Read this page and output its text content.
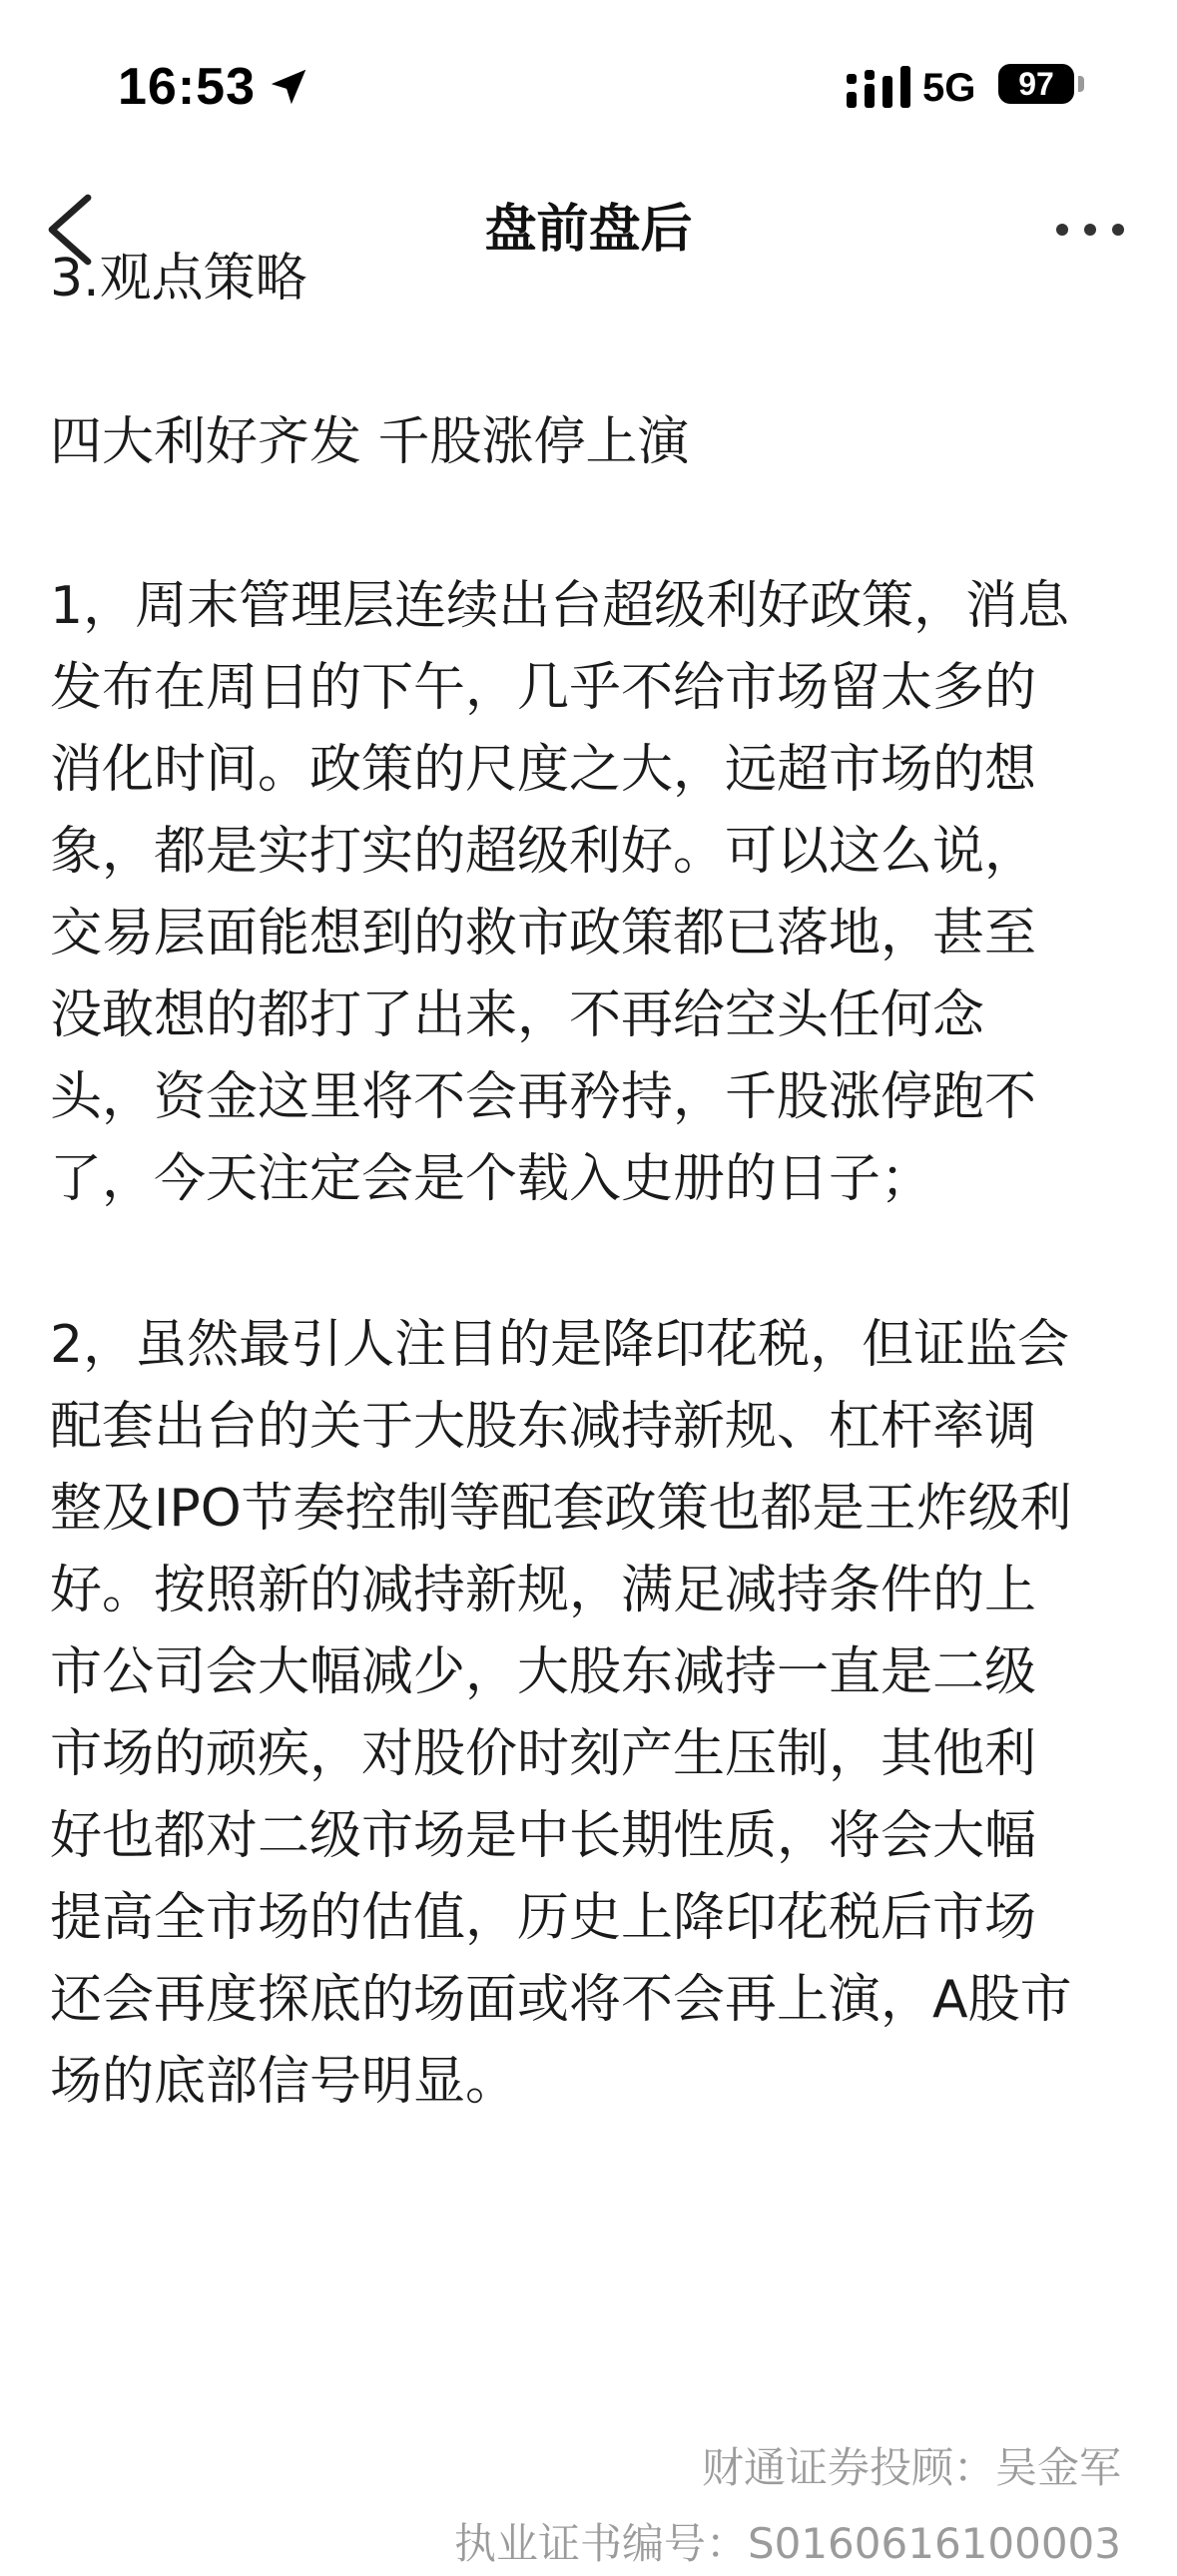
16:53	5G	97
盘前盘后
3.观点策略
四大利好齐发 千股涨停上演
1，周末管理层连续出台超级利好政策，消息
发布在周日的下午，几乎不给市场留太多的
消化时间。政策的尺度之大，远超市场的想
象，都是实打实的超级利好。可以这么说，
交易层面能想到的救市政策都已落地，甚至
没敢想的都打了出来，不再给空头任何念
头，资金这里将不会再矜持，千股涨停跑不
了，今天注定会是个载入史册的日子；
2，虽然最引人注目的是降印花税，但证监会
配套出台的关于大股东减持新规、杠杆率调
整及IPO节奏控制等配套政策也都是王炸级利
好。按照新的减持新规，满足减持条件的上
市公司会大幅减少，大股东减持一直是二级
市场的顽疾，对股价时刻产生压制，其他利
好也都对二级市场是中长期性质，将会大幅
提高全市场的估值，历史上降印花税后市场
还会再度探底的场面或将不会再上演，A股市
场的底部信号明显。
财通证券投顾：吴金军
执业证书编号：S0160616100003
